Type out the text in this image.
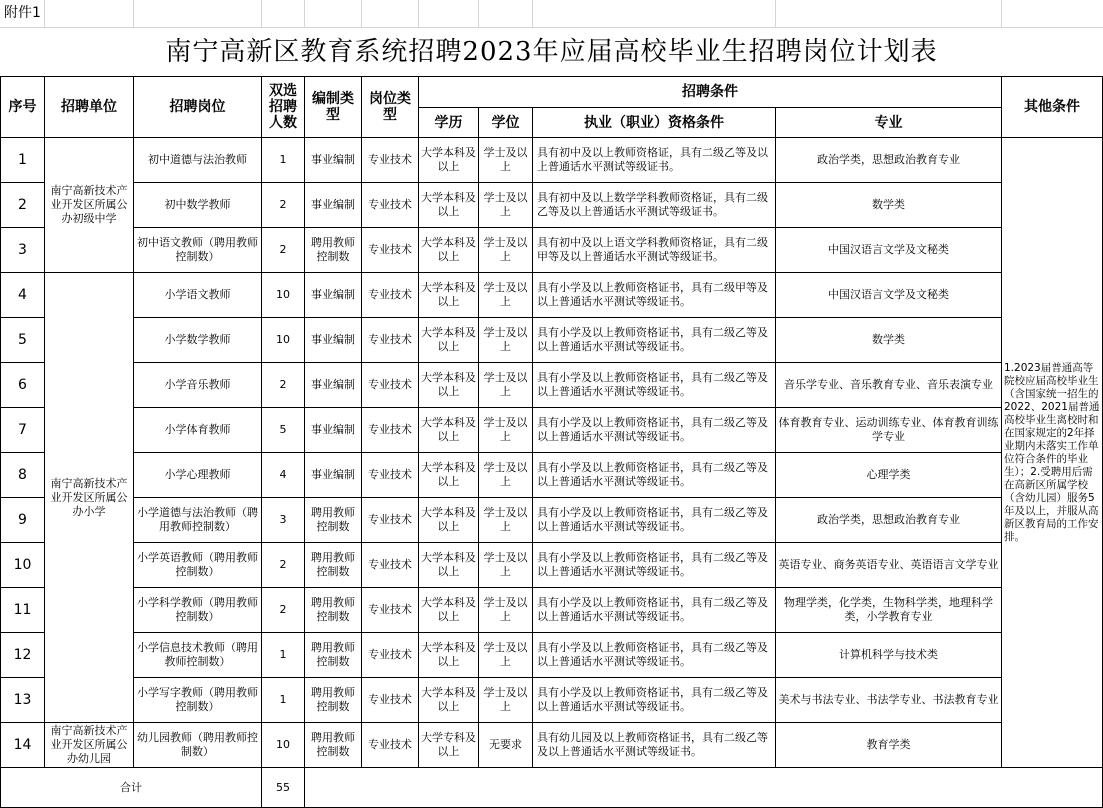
附件1
南宁高新区教育系统招聘2023年应届高校毕业生招聘岗位计划表
序号	招聘单位	招聘岗位	双选招聘人数	编制类型	岗位类型	招聘条件				其他条件
						学历	学位	执业（职业）资格条件	专业	
1	南宁高新技术产业开发区所属公办初级中学	初中道德与法治教师	1	事业编制	专业技术	大学本科及以上	学士及以上	具有初中及以上教师资格证，具有二级乙等及以上普通话水平测试等级证书。	政治学类，思想政治教育专业	1.2023届普通高等院校应届高校毕业生（含国家统一招生的2022、2021届普通高校毕业生离校时和在国家规定的2年择业期内未落实工作单位符合条件的毕业生）；2.受聘用后需在高新区所属学校（含幼儿园）服务5年及以上，并服从高新区教育局的工作安排。
2		初中数学教师	2	事业编制	专业技术	大学本科及以上	学士及以上	具有初中及以上数学学科教师资格证，具有二级乙等及以上普通话水平测试等级证书。	数学类	
3		初中语文教师（聘用教师控制数）	2	聘用教师控制数	专业技术	大学本科及以上	学士及以上	具有初中及以上语文学科教师资格证，具有二级甲等及以上普通话水平测试等级证书。	中国汉语言文学及文秘类	
4	南宁高新技术产业开发区所属公办小学	小学语文教师	10	事业编制	专业技术	大学本科及以上	学士及以上	具有小学及以上教师资格证书，具有二级甲等及以上普通话水平测试等级证书。	中国汉语言文学及文秘类	
5		小学数学教师	10	事业编制	专业技术	大学本科及以上	学士及以上	具有小学及以上教师资格证书，具有二级乙等及以上普通话水平测试等级证书。	数学类	
6		小学音乐教师	2	事业编制	专业技术	大学本科及以上	学士及以上	具有小学及以上教师资格证书，具有二级乙等及以上普通话水平测试等级证书。	音乐学专业、音乐教育专业、音乐表演专业	
7		小学体育教师	5	事业编制	专业技术	大学本科及以上	学士及以上	具有小学及以上教师资格证书，具有二级乙等及以上普通话水平测试等级证书。	体育教育专业、运动训练专业、体育教育训练学专业	
8		小学心理教师	4	事业编制	专业技术	大学本科及以上	学士及以上	具有小学及以上教师资格证书，具有二级乙等及以上普通话水平测试等级证书。	心理学类	
9		小学道德与法治教师（聘用教师控制数）	3	聘用教师控制数	专业技术	大学本科及以上	学士及以上	具有小学及以上教师资格证书，具有二级乙等及以上普通话水平测试等级证书。	政治学类，思想政治教育专业	
10		小学英语教师（聘用教师控制数）	2	聘用教师控制数	专业技术	大学本科及以上	学士及以上	具有小学及以上教师资格证书，具有二级乙等及以上普通话水平测试等级证书。	英语专业、商务英语专业、英语语言文学专业	
11		小学科学教师（聘用教师控制数）	2	聘用教师控制数	专业技术	大学本科及以上	学士及以上	具有小学及以上教师资格证书，具有二级乙等及以上普通话水平测试等级证书。	物理学类，化学类，生物科学类，地理科学类，小学教育专业	
12		小学信息技术教师（聘用教师控制数）	1	聘用教师控制数	专业技术	大学本科及以上	学士及以上	具有小学及以上教师资格证书，具有二级乙等及以上普通话水平测试等级证书。	计算机科学与技术类	
13		小学写字教师（聘用教师控制数）	1	聘用教师控制数	专业技术	大学本科及以上	学士及以上	具有小学及以上教师资格证书，具有二级乙等及以上普通话水平测试等级证书。	美术与书法专业、书法学专业、书法教育专业	
14	南宁高新技术产业开发区所属公办幼儿园	幼儿园教师（聘用教师控制数）	10	聘用教师控制数	专业技术	大学专科及以上	无要求	具有幼儿园及以上教师资格证书，具有二级乙等及以上普通话水平测试等级证书。	教育学类	
合计			55							
